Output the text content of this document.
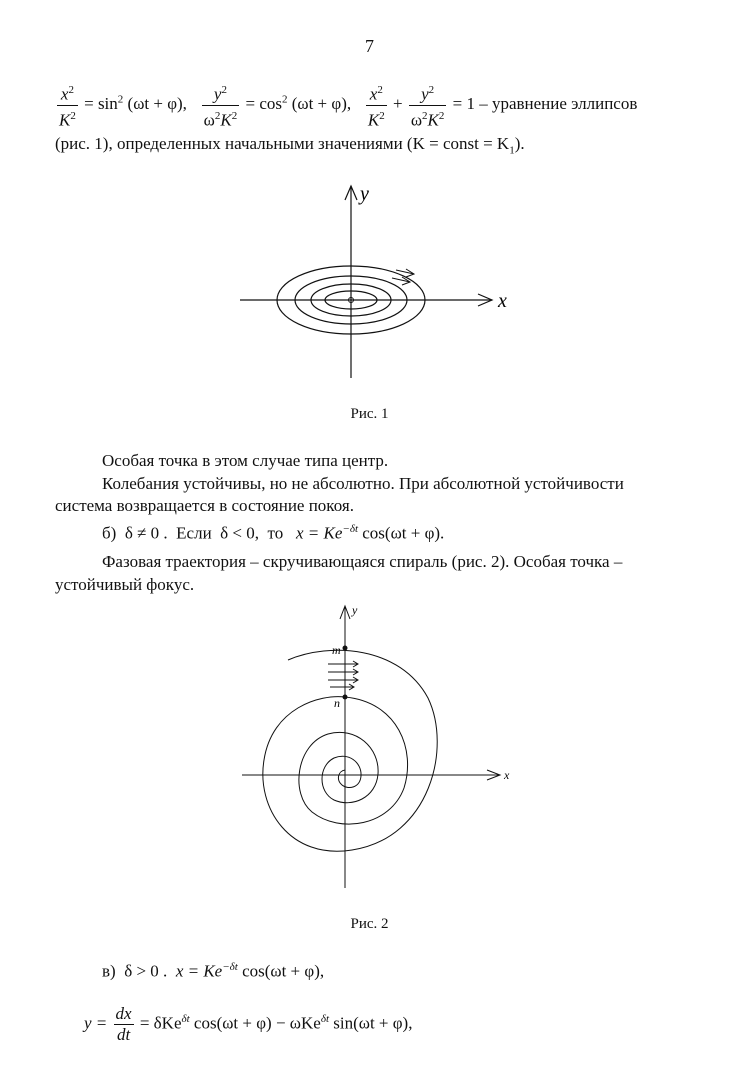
7
$\frac{x^2}{K^2} = \sin^2 (\omega t + \varphi)$, $\frac{y^2}{\omega^2K^2} = \cos^2 (\omega t + \varphi)$, $\frac{x^2}{K^2} + \frac{y^2}{\omega^2K^2} = 1$ – уравнение эллипсов
(рис. 1), определенных начальными значениями (K = const = $K_1$).
x
y
Рис. 1
Особая точка в этом случае типа центр.
Колебания устойчивы, но не абсолютно. При абсолютной устойчивости
система возвращается в состояние покоя.
б) δ ≠ 0 . Если δ < 0, то $x = Ke^{-\delta t}$ cos(ωt + φ).
Фазовая траектория – скручивающаяся спираль (рис. 2). Особая точка –
устойчивый фокус.
x
y
m
n
Рис. 2
в) δ > 0 . $x = Ke^{-\delta t}$ cos(ωt + φ),
$y = \frac{dx}{dt} = \delta Ke^{\delta t}$ cos(ωt + φ) − ωKe$^{\delta t}$ sin(ωt + φ),
